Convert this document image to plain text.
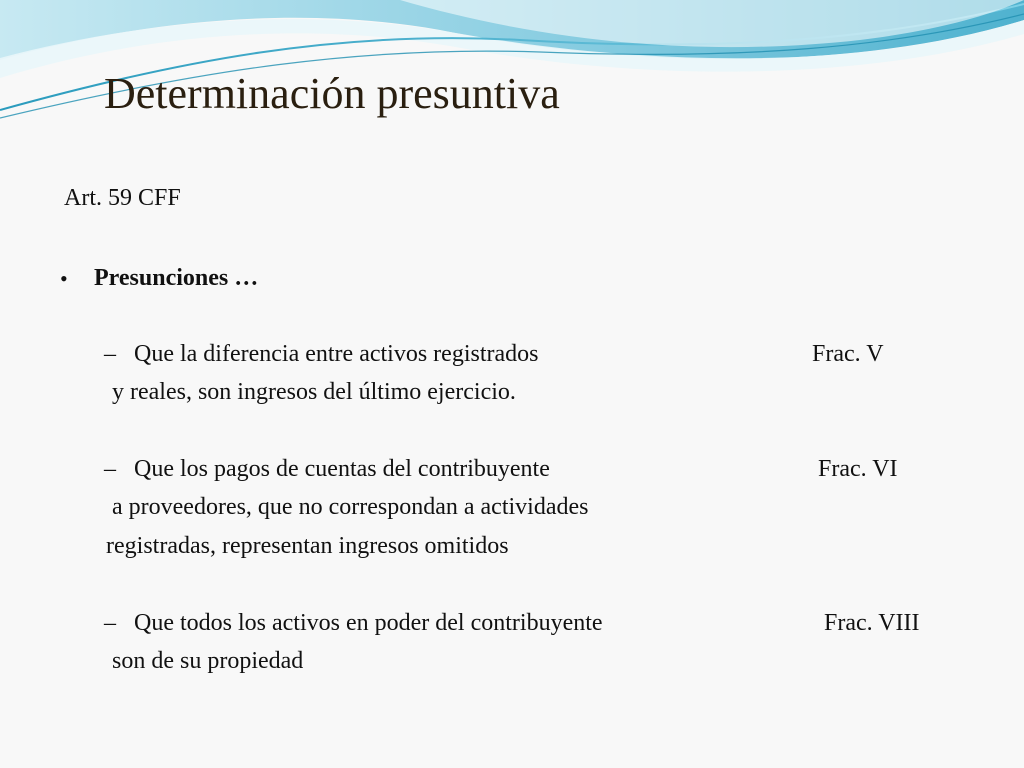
Determinación presuntiva
Art. 59 CFF
• Presunciones …
– Que la diferencia entre activos registrados	Frac. V
y reales, son ingresos del último ejercicio.
– Que los pagos de cuentas del contribuyente	Frac. VI
a proveedores, que no correspondan a actividades
registradas, representan ingresos omitidos
– Que todos los activos en poder del contribuyente	Frac. VIII
son de su propiedad
